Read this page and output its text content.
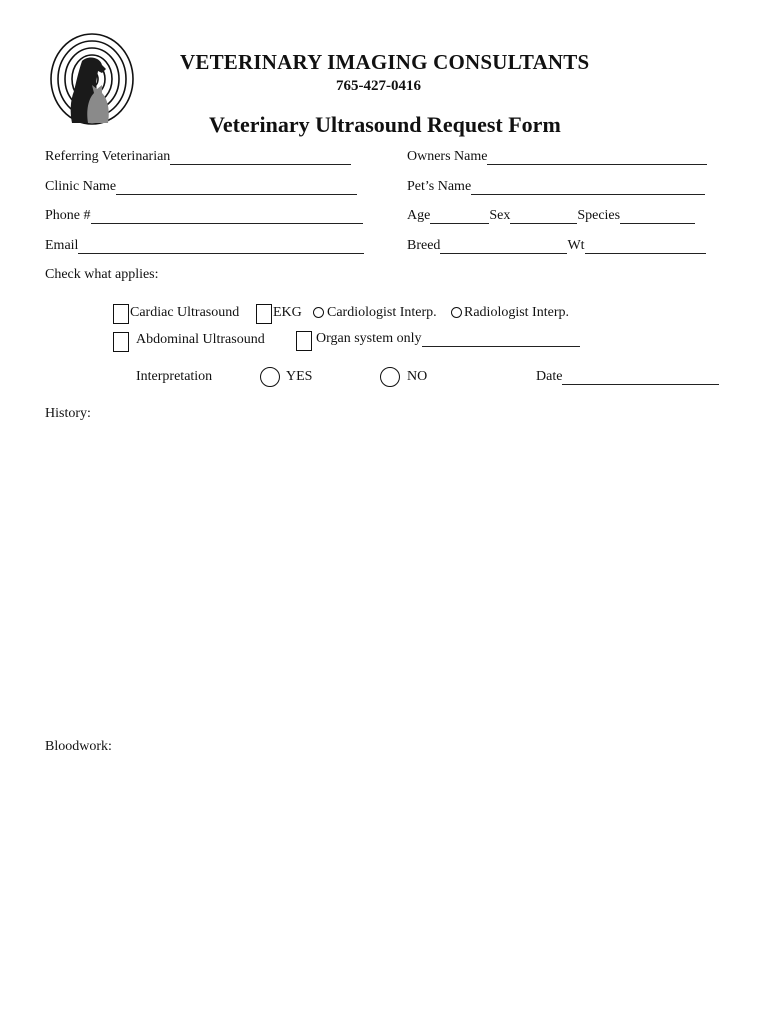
VETERINARY IMAGING CONSULTANTS
765-427-0416
Veterinary Ultrasound Request Form
Referring Veterinarian	Owners Name
Clinic Name	Pet’s Name
Phone #	Age	Sex	Species
Email	Breed	Wt
Check what applies:
Cardiac Ultrasound EKG Cardiologist Interp. Radiologist Interp.
Abdominal Ultrasound	Organ system only
Interpretation	YES	NO	Date
History:
Bloodwork:
